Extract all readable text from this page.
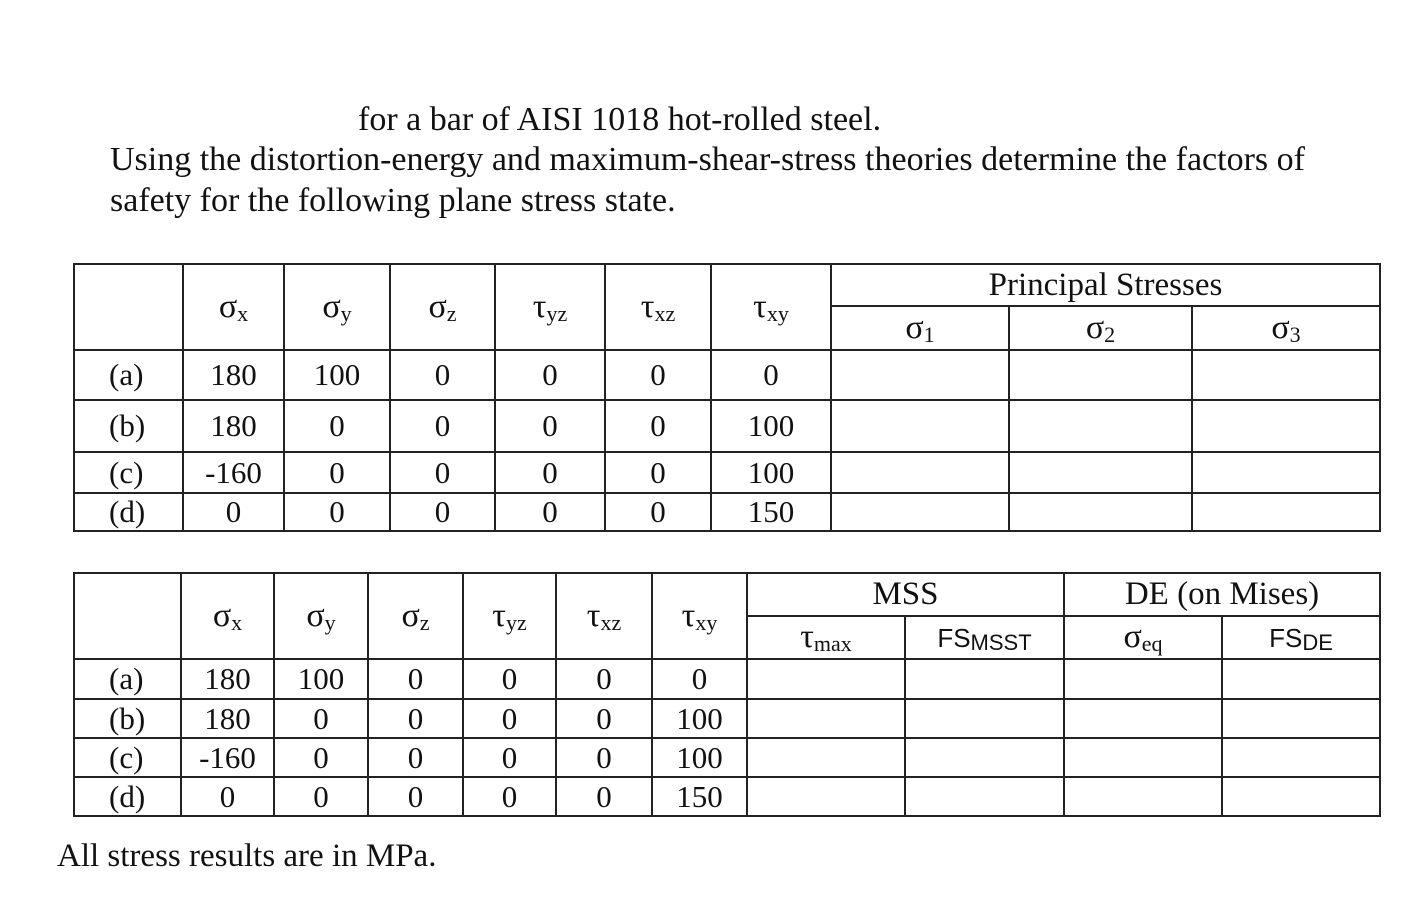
for a bar of AISI 1018 hot-rolled steel.
Using the distortion-energy and maximum-shear-stress theories determine the factors of
safety for the following plane stress state.
	σx	σy	σz	τyz	τxz	τxy	Principal Stresses		
							σ1	σ2	σ3
(a)	180	100	0	0	0	0			
(b)	180	0	0	0	0	100			
(c)	-160	0	0	0	0	100			
(d)	0	0	0	0	0	150			
	σx	σy	σz	τyz	τxz	τxy	MSS		DE (on Mises)	
							τmax	FSMSST	σeq	FSDE
(a)	180	100	0	0	0	0				
(b)	180	0	0	0	0	100				
(c)	-160	0	0	0	0	100				
(d)	0	0	0	0	0	150				
All stress results are in MPa.
